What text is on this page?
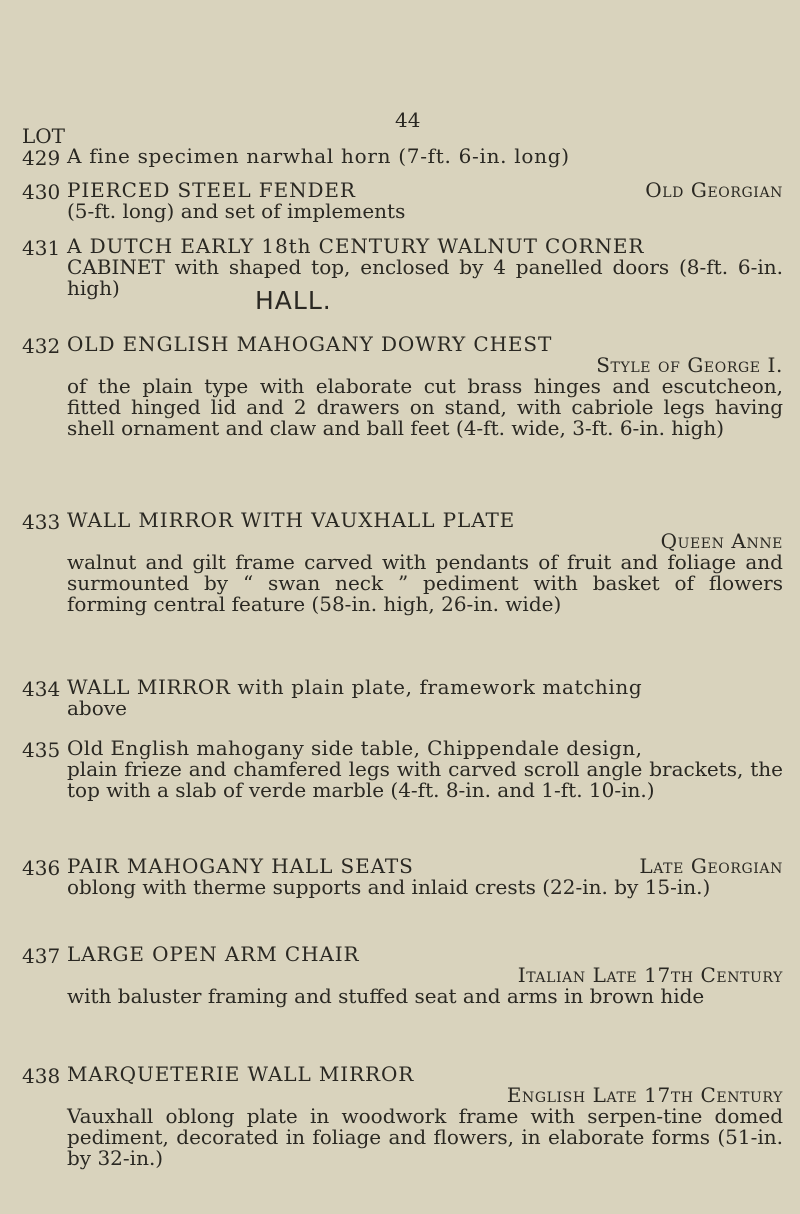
44
LOT
429 A fine specimen narwhal horn (7-ft. 6-in. long)
430 PIERCED STEEL FENDER	Old Georgian

(5-ft. long) and set of implements

431 A DUTCH EARLY 18th CENTURY WALNUT CORNER

CABINET with shaped top, enclosed by 4 panelled doors (8-ft. 6-in. high)	HALL.
432 OLD ENGLISH MAHOGANY DOWRY CHEST
Style of George I.

of the plain type with elaborate cut brass hinges and escutcheon, fitted hinged lid and 2 drawers on stand, with cabriole legs having shell ornament and claw and ball feet (4-ft. wide, 3-ft. 6-in. high)

433 WALL MIRROR WITH VAUXHALL PLATE
Queen Anne

walnut and gilt frame carved with pendants of fruit and foliage and surmounted by “ swan neck ” pediment with basket of flowers forming central feature (58-in. high, 26-in. wide)

434 WALL MIRROR with plain plate, framework matching

above

435 Old English mahogany side table, Chippendale design,

plain frieze and chamfered legs with carved scroll angle brackets, the top with a slab of verde marble (4-ft. 8-in. and 1-ft. 10-in.)

436 PAIR MAHOGANY HALL SEATS	Late Georgian

oblong with therme supports and inlaid crests (22-in. by 15-in.)

437 LARGE OPEN ARM CHAIR
Italian Late 17th Century

with baluster framing and stuffed seat and arms in brown hide

438 MARQUETERIE WALL MIRROR
English Late 17th Century

Vauxhall oblong plate in woodwork frame with serpen-tine domed pediment, decorated in foliage and flowers, in elaborate forms (51-in. by 32-in.)
